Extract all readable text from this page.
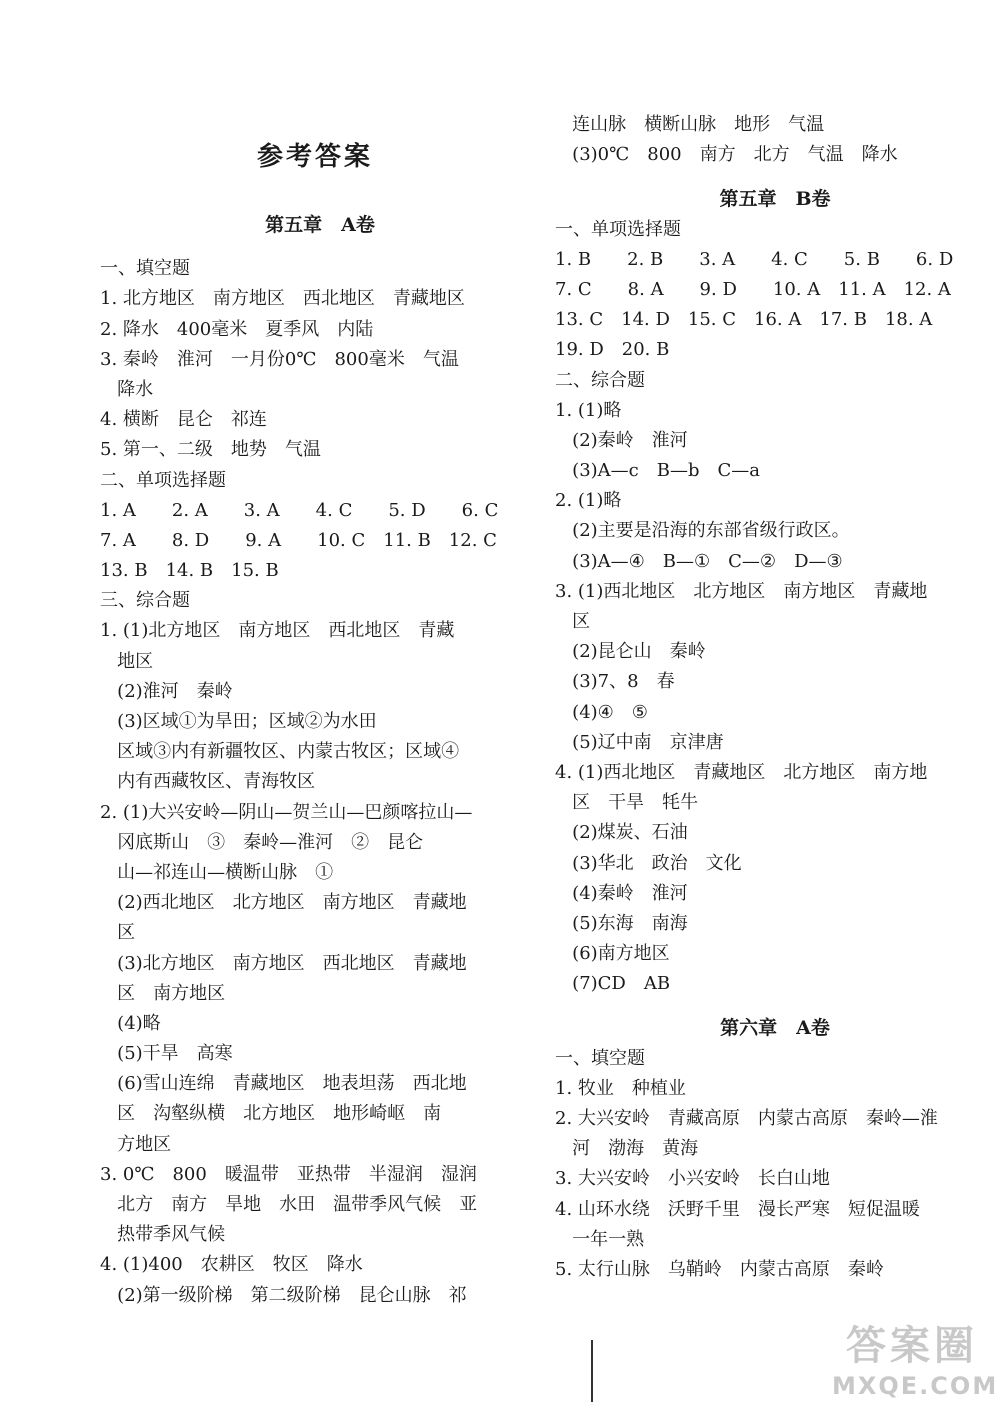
参考答案
第五章　A卷
一、填空题
1. 北方地区　南方地区　西北地区　青藏地区
2. 降水　400毫米　夏季风　内陆
3. 秦岭　淮河　一月份0℃　800毫米　气温
降水
4. 横断　昆仑　祁连
5. 第一、二级　地势　气温
二、单项选择题
1. A　　2. A　　3. A　　4. C　　5. D　　6. C
7. A　　8. D　　9. A　　10. C　11. B　12. C
13. B　14. B　15. B
三、综合题
1. (1)北方地区　南方地区　西北地区　青藏
地区
(2)淮河　秦岭
(3)区域①为旱田；区域②为水田
区域③内有新疆牧区、内蒙古牧区；区域④
内有西藏牧区、青海牧区
2. (1)大兴安岭—阴山—贺兰山—巴颜喀拉山—
冈底斯山　③　秦岭—淮河　②　昆仑
山—祁连山—横断山脉　①
(2)西北地区　北方地区　南方地区　青藏地
区
(3)北方地区　南方地区　西北地区　青藏地
区　南方地区
(4)略
(5)干旱　高寒
(6)雪山连绵　青藏地区　地表坦荡　西北地
区　沟壑纵横　北方地区　地形崎岖　南
方地区
3. 0℃　800　暖温带　亚热带　半湿润　湿润
北方　南方　旱地　水田　温带季风气候　亚
热带季风气候
4. (1)400　农耕区　牧区　降水
(2)第一级阶梯　第二级阶梯　昆仑山脉　祁
连山脉　横断山脉　地形　气温
(3)0℃　800　南方　北方　气温　降水
第五章　B卷
一、单项选择题
1. B　　2. B　　3. A　　4. C　　5. B　　6. D
7. C　　8. A　　9. D　　10. A　11. A　12. A
13. C　14. D　15. C　16. A　17. B　18. A
19. D　20. B
二、综合题
1. (1)略
(2)秦岭　淮河
(3)A—c　B—b　C—a
2. (1)略
(2)主要是沿海的东部省级行政区。
(3)A—④　B—①　C—②　D—③
3. (1)西北地区　北方地区　南方地区　青藏地
区
(2)昆仑山　秦岭
(3)7、8　春
(4)④　⑤
(5)辽中南　京津唐
4. (1)西北地区　青藏地区　北方地区　南方地
区　干旱　牦牛
(2)煤炭、石油
(3)华北　政治　文化
(4)秦岭　淮河
(5)东海　南海
(6)南方地区
(7)CD　AB
第六章　A卷
一、填空题
1. 牧业　种植业
2. 大兴安岭　青藏高原　内蒙古高原　秦岭—淮
河　渤海　黄海
3. 大兴安岭　小兴安岭　长白山地
4. 山环水绕　沃野千里　漫长严寒　短促温暖
一年一熟
5. 太行山脉　乌鞘岭　内蒙古高原　秦岭
答案圈
MXQE.COM
